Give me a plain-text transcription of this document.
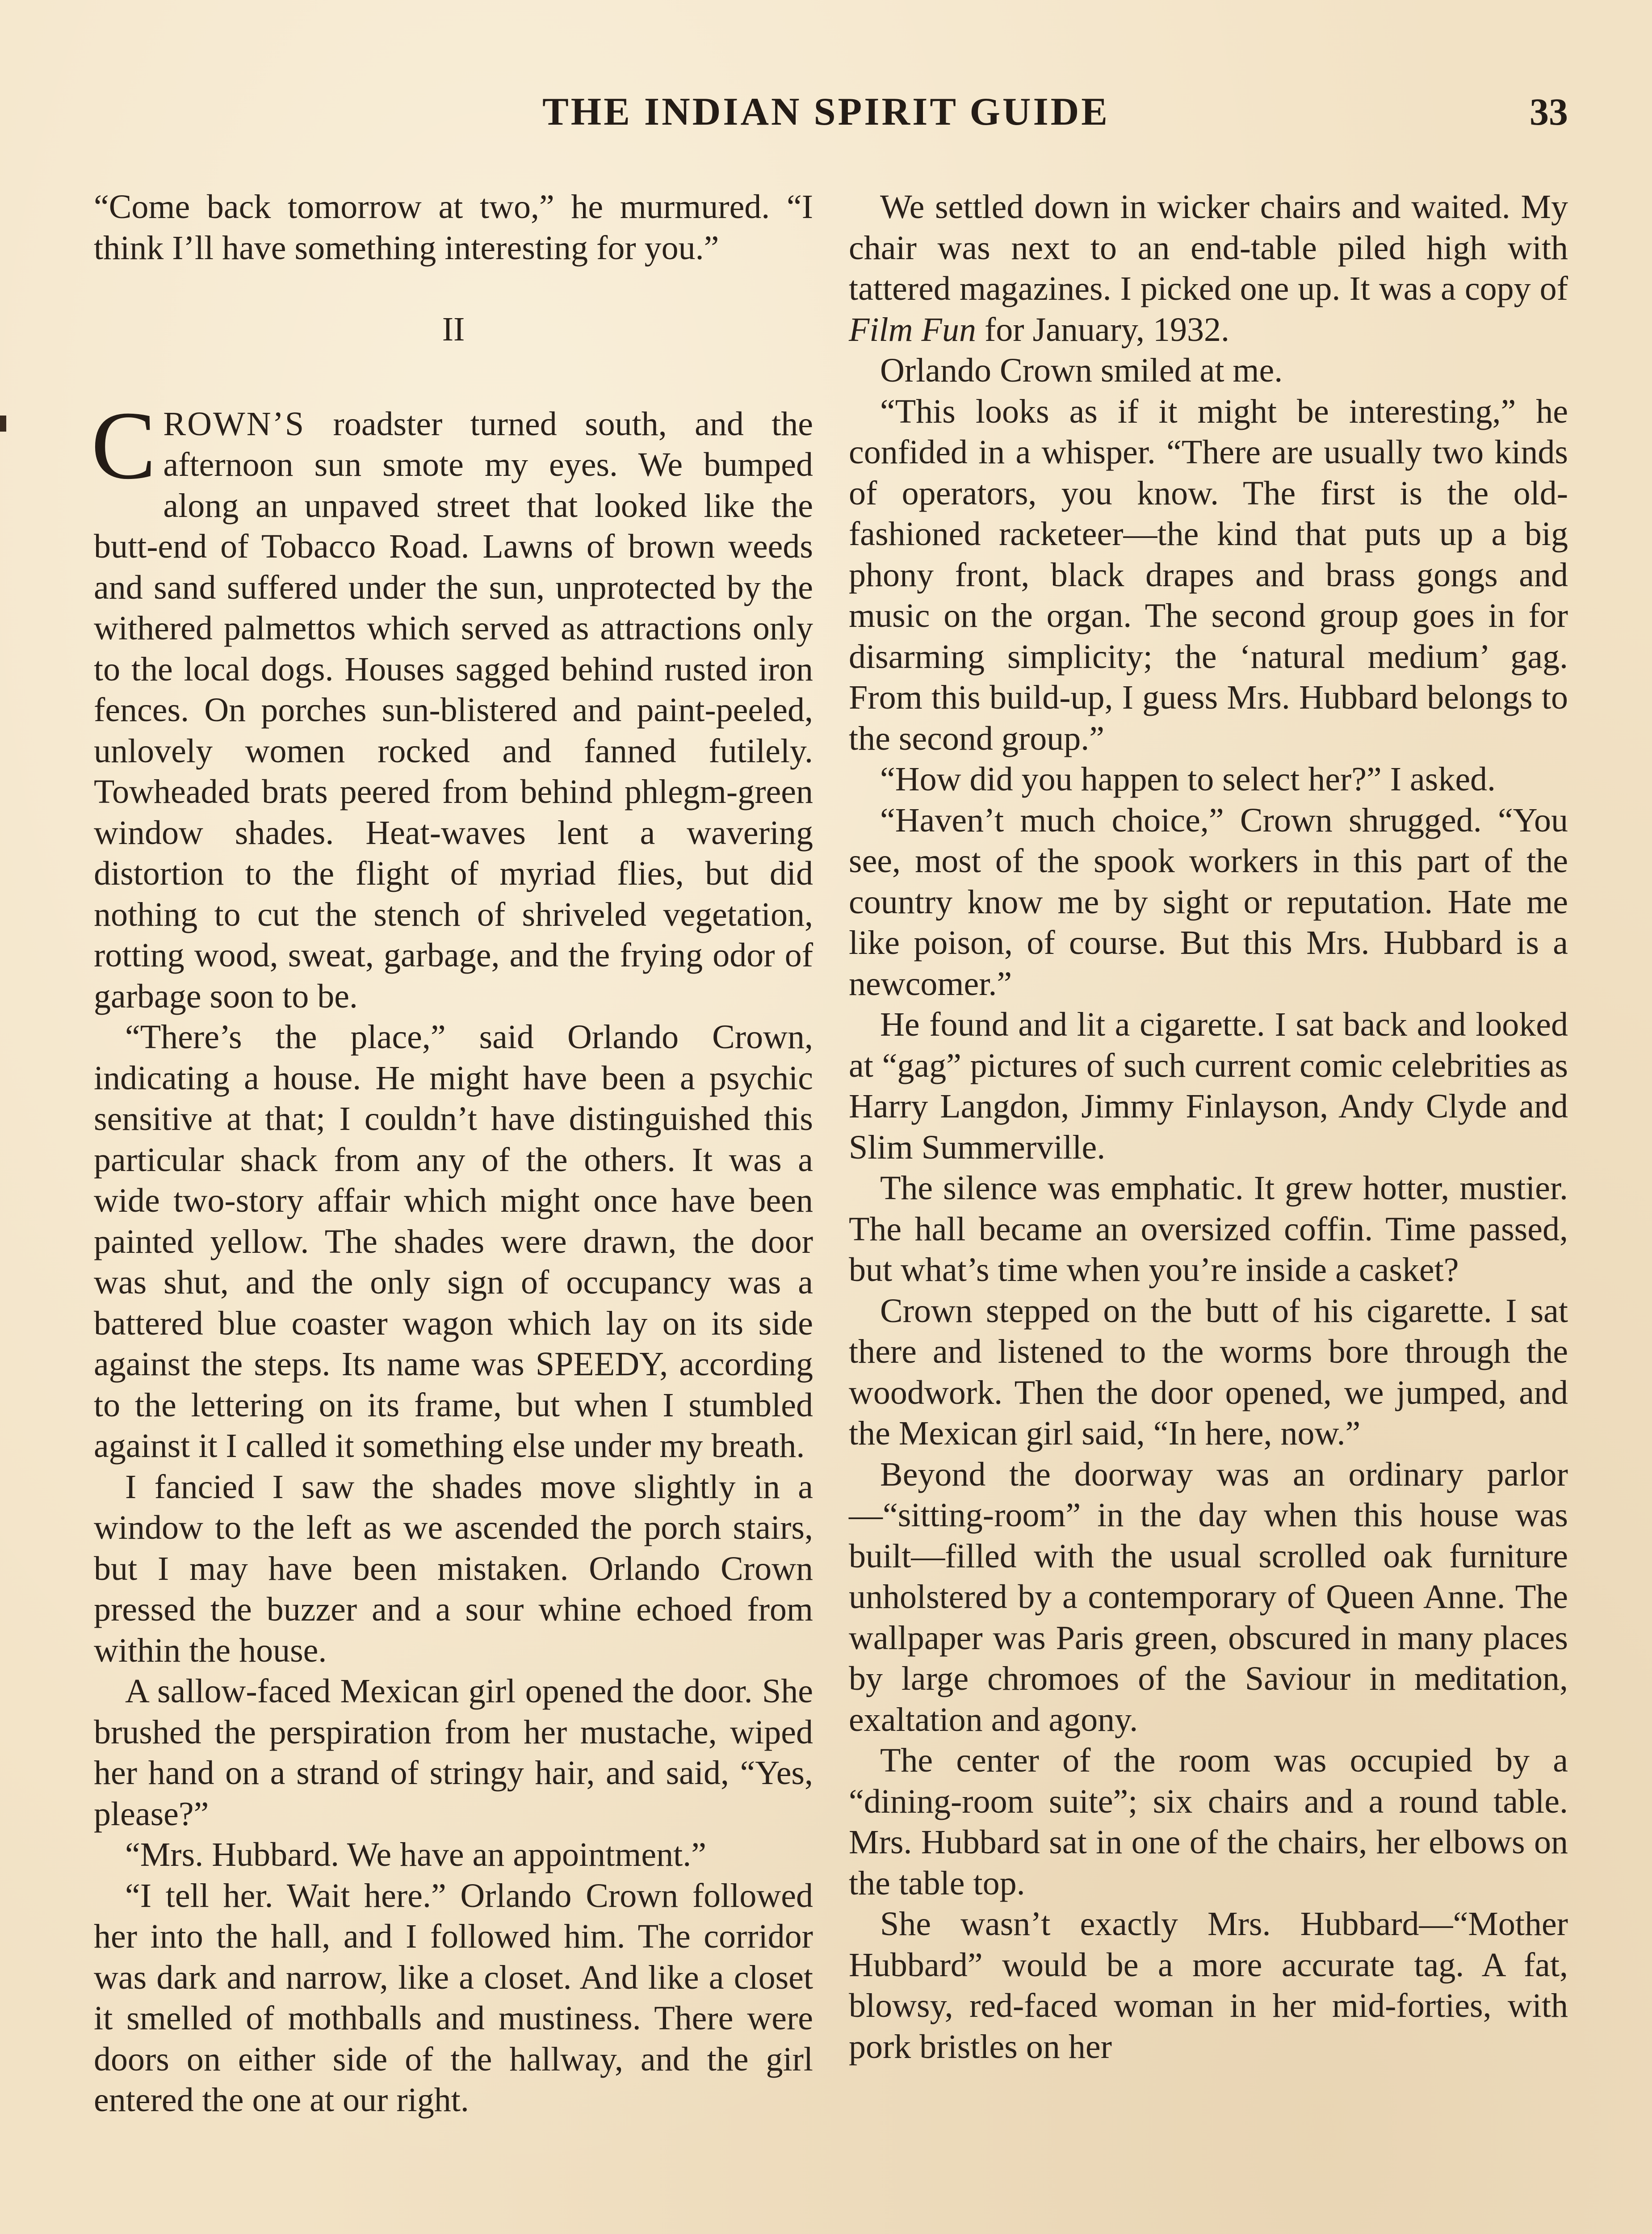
THE INDIAN SPIRIT GUIDE	33

“Come back tomorrow at two,” he murmured. “I think I’ll have something interesting for you.”

II

CROWN’S roadster turned south, and the afternoon sun smote my eyes. We bumped along an unpaved street that looked like the butt-end of Tobacco Road. Lawns of brown weeds and sand suffered under the sun, unprotected by the withered palmettos which served as attractions only to the local dogs. Houses sagged behind rusted iron fences. On porches sun-blistered and paint-peeled, unlovely women rocked and fanned futilely. Towheaded brats peered from behind phlegm-green window shades. Heat-waves lent a wavering distortion to the flight of myriad flies, but did nothing to cut the stench of shriveled vegetation, rotting wood, sweat, garbage, and the frying odor of garbage soon to be.

“There’s the place,” said Orlando Crown, indicating a house. He might have been a psychic sensitive at that; I couldn’t have distinguished this particular shack from any of the others. It was a wide two-story affair which might once have been painted yellow. The shades were drawn, the door was shut, and the only sign of occupancy was a battered blue coaster wagon which lay on its side against the steps. Its name was SPEEDY, according to the lettering on its frame, but when I stumbled against it I called it something else under my breath.

I fancied I saw the shades move slightly in a window to the left as we ascended the porch stairs, but I may have been mistaken. Orlando Crown pressed the buzzer and a sour whine echoed from within the house.

A sallow-faced Mexican girl opened the door. She brushed the perspiration from her mustache, wiped her hand on a strand of stringy hair, and said, “Yes, please?”

“Mrs. Hubbard. We have an appointment.”

“I tell her. Wait here.” Orlando Crown followed her into the hall, and I followed him. The corridor was dark and narrow, like a closet. And like a closet it smelled of mothballs and mustiness. There were doors on either side of the hallway, and the girl entered the one at our right.

We settled down in wicker chairs and waited. My chair was next to an end-table piled high with tattered magazines. I picked one up. It was a copy of Film Fun for January, 1932.

Orlando Crown smiled at me.

“This looks as if it might be interesting,” he confided in a whisper. “There are usually two kinds of operators, you know. The first is the old-fashioned racketeer—the kind that puts up a big phony front, black drapes and brass gongs and music on the organ. The second group goes in for disarming simplicity; the ‘natural medium’ gag. From this build-up, I guess Mrs. Hubbard belongs to the second group.”

“How did you happen to select her?” I asked.

“Haven’t much choice,” Crown shrugged. “You see, most of the spook workers in this part of the country know me by sight or reputation. Hate me like poison, of course. But this Mrs. Hubbard is a newcomer.”

He found and lit a cigarette. I sat back and looked at “gag” pictures of such current comic celebrities as Harry Langdon, Jimmy Finlayson, Andy Clyde and Slim Summerville.

The silence was emphatic. It grew hotter, mustier. The hall became an oversized coffin. Time passed, but what’s time when you’re inside a casket?

Crown stepped on the butt of his cigarette. I sat there and listened to the worms bore through the woodwork. Then the door opened, we jumped, and the Mexican girl said, “In here, now.”

Beyond the doorway was an ordinary parlor—“sitting-room” in the day when this house was built—filled with the usual scrolled oak furniture unholstered by a contemporary of Queen Anne. The wallpaper was Paris green, obscured in many places by large chromoes of the Saviour in meditation, exaltation and agony.

The center of the room was occupied by a “dining-room suite”; six chairs and a round table. Mrs. Hubbard sat in one of the chairs, her elbows on the table top.

She wasn’t exactly Mrs. Hubbard—“Mother Hubbard” would be a more accurate tag. A fat, blowsy, red-faced woman in her mid-forties, with pork bristles on her
